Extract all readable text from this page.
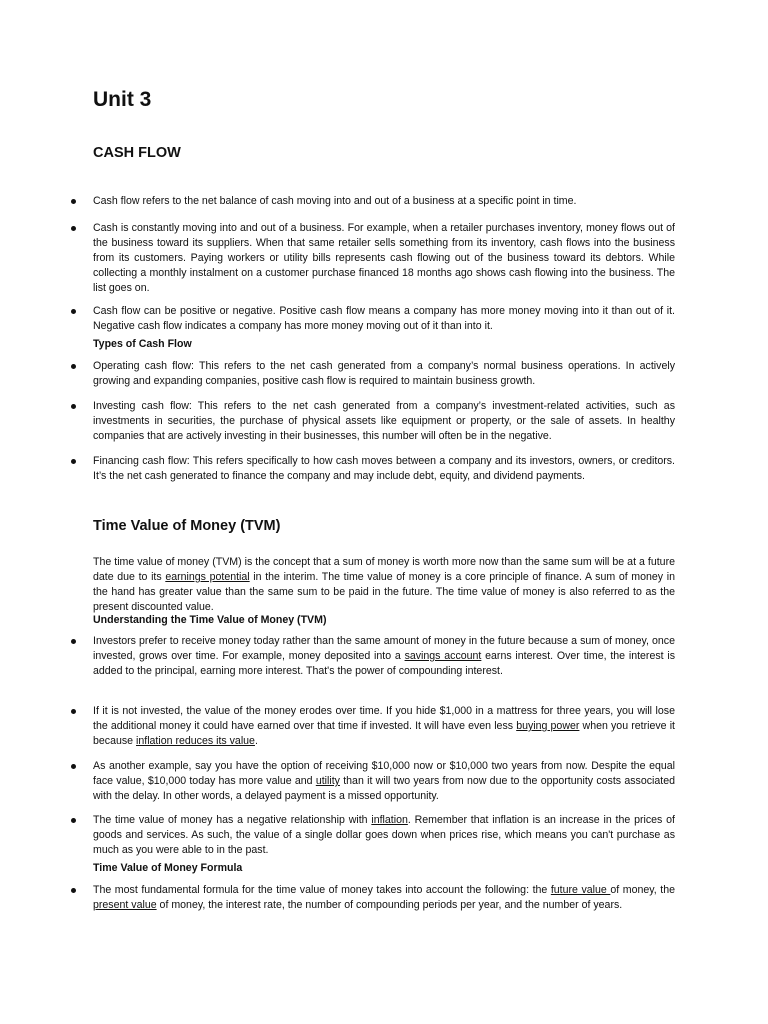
Unit 3
CASH FLOW
Cash flow refers to the net balance of cash moving into and out of a business at a specific point in time.
Cash is constantly moving into and out of a business. For example, when a retailer purchases inventory, money flows out of the business toward its suppliers. When that same retailer sells something from its inventory, cash flows into the business from its customers. Paying workers or utility bills represents cash flowing out of the business toward its debtors. While collecting a monthly instalment on a customer purchase financed 18 months ago shows cash flowing into the business. The list goes on.
Cash flow can be positive or negative. Positive cash flow means a company has more money moving into it than out of it. Negative cash flow indicates a company has more money moving out of it than into it.
Types of Cash Flow
Operating cash flow: This refers to the net cash generated from a company’s normal business operations. In actively growing and expanding companies, positive cash flow is required to maintain business growth.
Investing cash flow: This refers to the net cash generated from a company’s investment-related activities, such as investments in securities, the purchase of physical assets like equipment or property, or the sale of assets. In healthy companies that are actively investing in their businesses, this number will often be in the negative.
Financing cash flow: This refers specifically to how cash moves between a company and its investors, owners, or creditors. It’s the net cash generated to finance the company and may include debt, equity, and dividend payments.
Time Value of Money (TVM)
The time value of money (TVM) is the concept that a sum of money is worth more now than the same sum will be at a future date due to its earnings potential in the interim. The time value of money is a core principle of finance. A sum of money in the hand has greater value than the same sum to be paid in the future. The time value of money is also referred to as the present discounted value.
Understanding the Time Value of Money (TVM)
Investors prefer to receive money today rather than the same amount of money in the future because a sum of money, once invested, grows over time. For example, money deposited into a savings account earns interest. Over time, the interest is added to the principal, earning more interest. That's the power of compounding interest.
If it is not invested, the value of the money erodes over time. If you hide $1,000 in a mattress for three years, you will lose the additional money it could have earned over that time if invested. It will have even less buying power when you retrieve it because inflation reduces its value.
As another example, say you have the option of receiving $10,000 now or $10,000 two years from now. Despite the equal face value, $10,000 today has more value and utility than it will two years from now due to the opportunity costs associated with the delay. In other words, a delayed payment is a missed opportunity.
The time value of money has a negative relationship with inflation. Remember that inflation is an increase in the prices of goods and services. As such, the value of a single dollar goes down when prices rise, which means you can't purchase as much as you were able to in the past.
Time Value of Money Formula
The most fundamental formula for the time value of money takes into account the following: the future value of money, the present value of money, the interest rate, the number of compounding periods per year, and the number of years.
